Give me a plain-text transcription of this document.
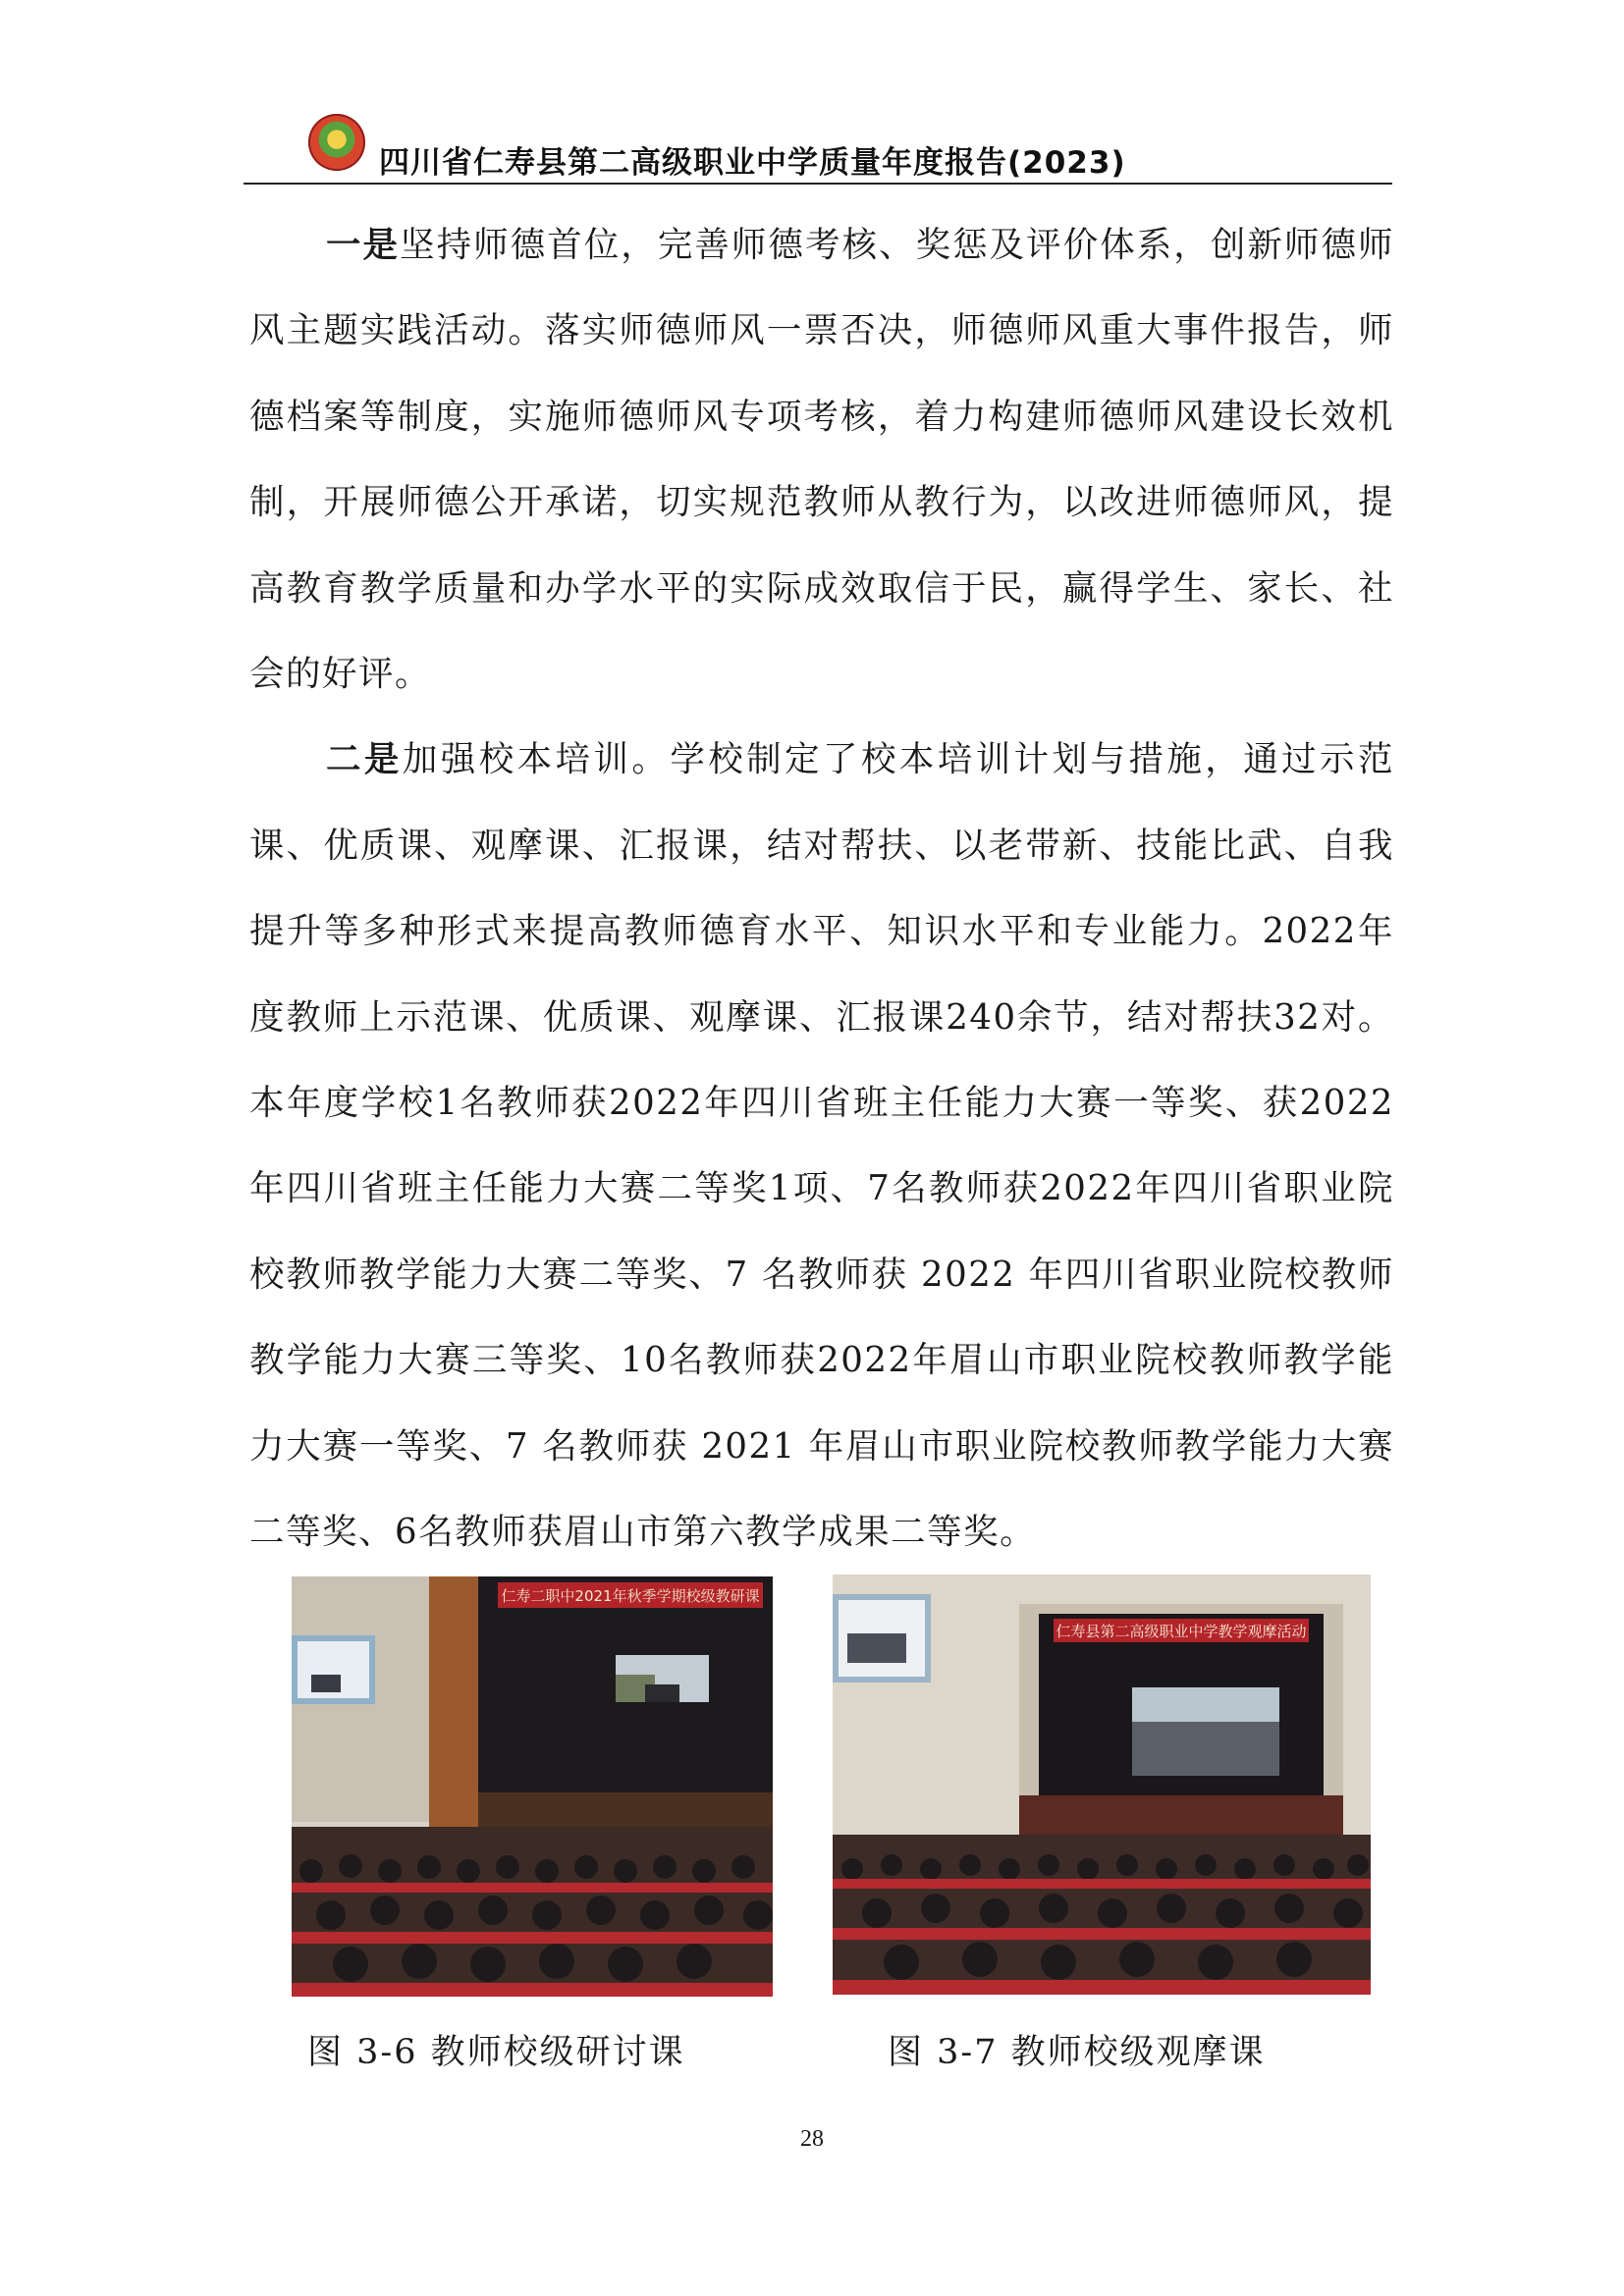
四川省仁寿县第二高级职业中学质量年度报告(2023)

一是坚持师德首位，完善师德考核、奖惩及评价体系，创新师德师风主题实践活动。落实师德师风一票否决，师德师风重大事件报告，师德档案等制度，实施师德师风专项考核，着力构建师德师风建设长效机制，开展师德公开承诺，切实规范教师从教行为，以改进师德师风，提高教育教学质量和办学水平的实际成效取信于民，赢得学生、家长、社会的好评。

二是加强校本培训。学校制定了校本培训计划与措施，通过示范课、优质课、观摩课、汇报课，结对帮扶、以老带新、技能比武、自我提升等多种形式来提高教师德育水平、知识水平和专业能力。2022年度教师上示范课、优质课、观摩课、汇报课240余节，结对帮扶32对。本年度学校1名教师获2022年四川省班主任能力大赛一等奖、获2022年四川省班主任能力大赛二等奖1项、7名教师获2022年四川省职业院校教师教学能力大赛二等奖、7 名教师获 2022 年四川省职业院校教师教学能力大赛三等奖、10名教师获2022年眉山市职业院校教师教学能力大赛一等奖、7 名教师获 2021 年眉山市职业院校教师教学能力大赛二等奖、6名教师获眉山市第六教学成果二等奖。

仁寿二职中2021年秋季学期校级教研课
仁寿县第二高级职业中学教学观摩活动
图 3-6 教师校级研讨课	图 3-7 教师校级观摩课
28
